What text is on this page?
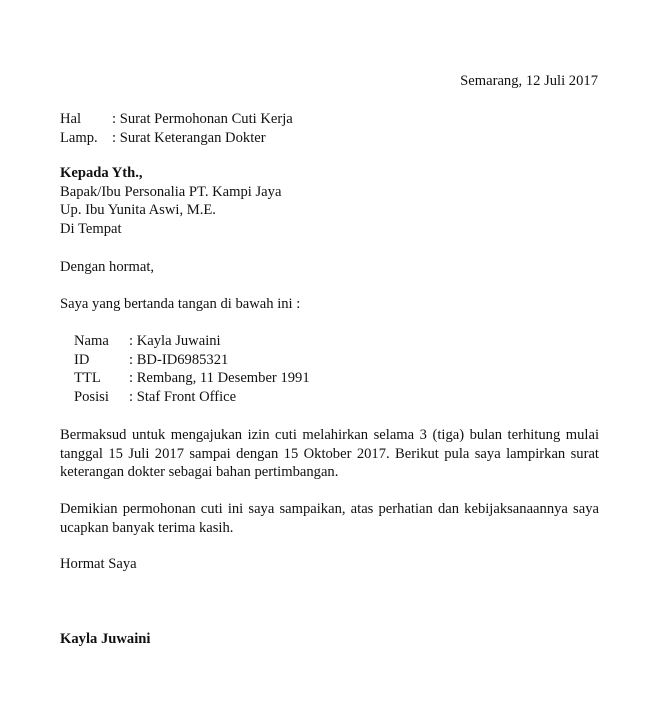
Semarang, 12 Juli 2017
Hal : Surat Permohonan Cuti Kerja
Lamp. : Surat Keterangan Dokter
Kepada Yth.,
Bapak/Ibu Personalia PT. Kampi Jaya
Up. Ibu Yunita Aswi, M.E.
Di Tempat
Dengan hormat,
Saya yang bertanda tangan di bawah ini :
Nama : Kayla Juwaini
ID	: BD-ID6985321
TTL : Rembang, 11 Desember 1991
Posisi : Staf Front Office
Bermaksud untuk mengajukan izin cuti melahirkan selama 3 (tiga) bulan terhitung mulai tanggal 15 Juli 2017 sampai dengan 15 Oktober 2017. Berikut pula saya lampirkan surat keterangan dokter sebagai bahan pertimbangan.
Demikian permohonan cuti ini saya sampaikan, atas perhatian dan kebijaksanaannya saya ucapkan banyak terima kasih.
Hormat Saya
Kayla Juwaini
